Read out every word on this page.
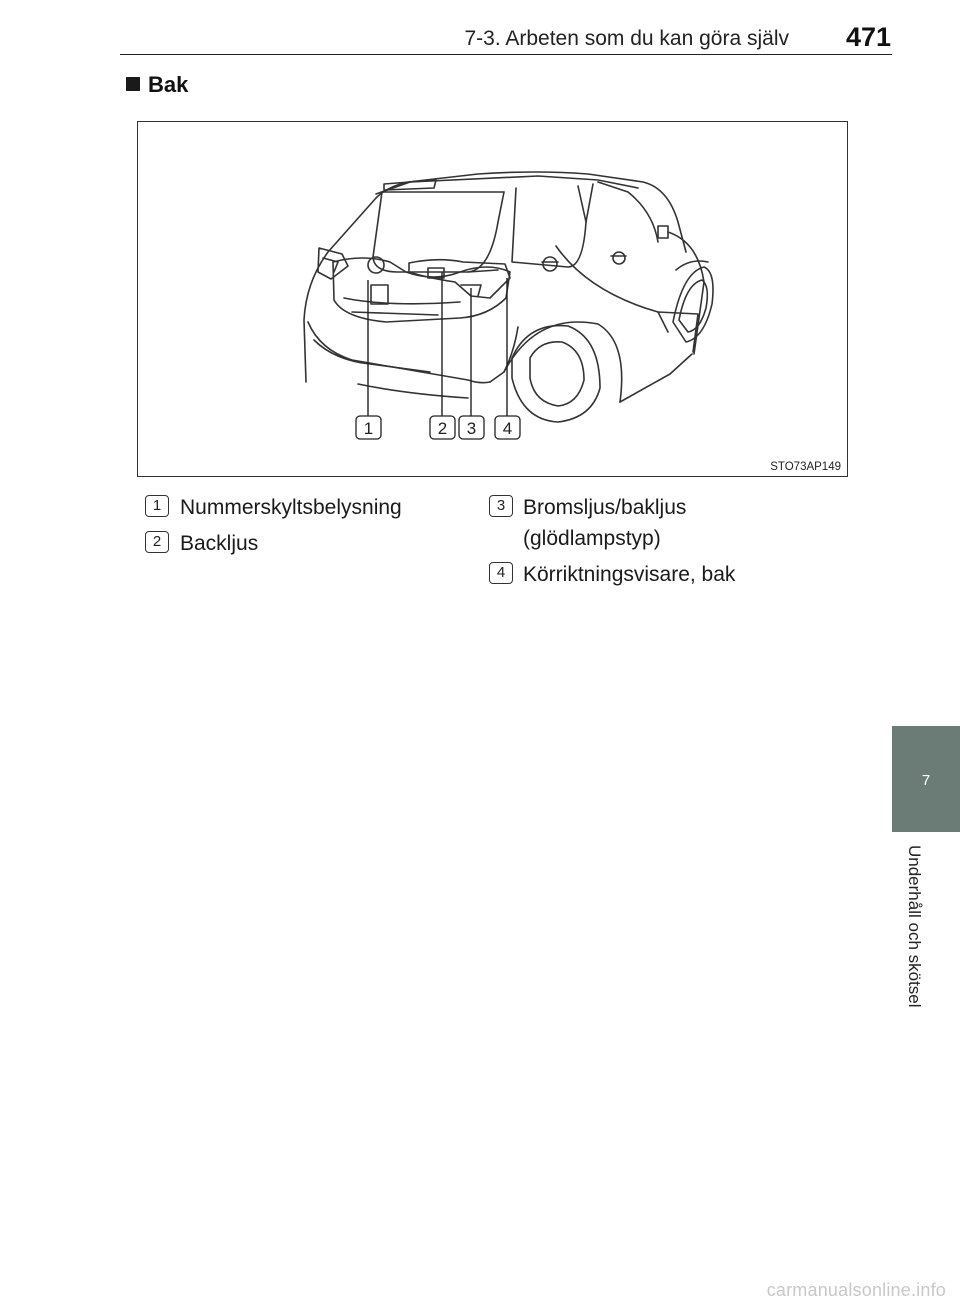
7-3. Arbeten som du kan göra själv 471
7
Underhåll och skötsel
Bak
1	2 3 4
STO73AP149
1 Nummerskyltsbelysning
2 Backljus
3 Bromsljus/bakljus (glödlampstyp)
4 Körriktningsvisare, bak
carmanualsonline.info
